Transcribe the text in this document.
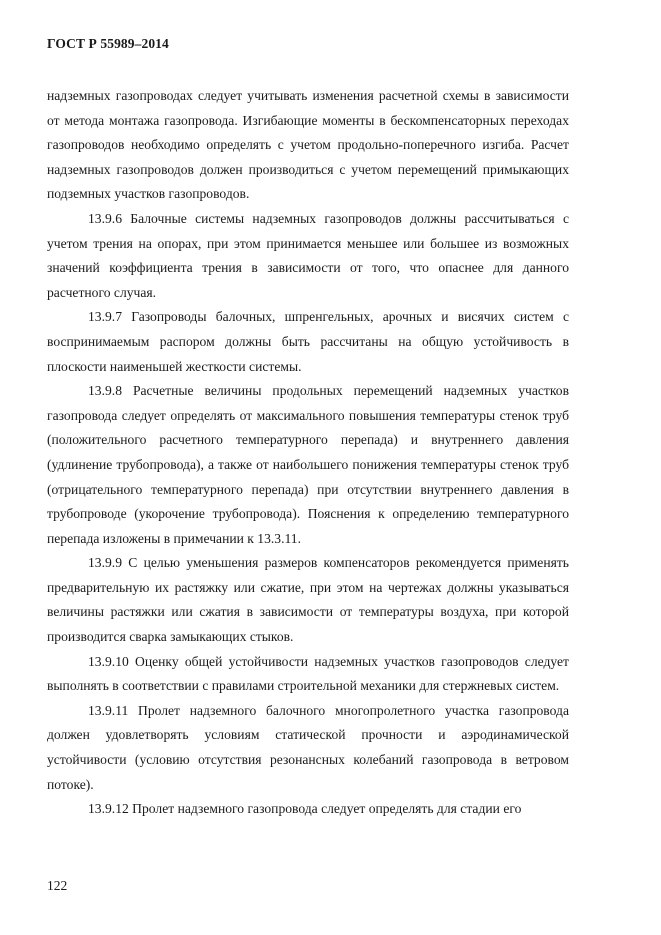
ГОСТ Р 55989–2014

надземных газопроводах следует учитывать изменения расчетной схемы в зависимости от метода монтажа газопровода. Изгибающие моменты в бескомпенсаторных переходах газопроводов необходимо определять с учетом продольно-поперечного изгиба. Расчет надземных газопроводов должен производиться с учетом перемещений примыкающих подземных участков газопроводов.

13.9.6 Балочные системы надземных газопроводов должны рассчитываться с учетом трения на опорах, при этом принимается меньшее или большее из возможных значений коэффициента трения в зависимости от того, что опаснее для данного расчетного случая.

13.9.7 Газопроводы балочных, шпренгельных, арочных и висячих систем с воспринимаемым распором должны быть рассчитаны на общую устойчивость в плоскости наименьшей жесткости системы.

13.9.8 Расчетные величины продольных перемещений надземных участков газопровода следует определять от максимального повышения температуры стенок труб (положительного расчетного температурного перепада) и внутреннего давления (удлинение трубопровода), а также от наибольшего понижения температуры стенок труб (отрицательного температурного перепада) при отсутствии внутреннего давления в трубопроводе (укорочение трубопровода). Пояснения к определению температурного перепада изложены в примечании к 13.3.11.

13.9.9 С целью уменьшения размеров компенсаторов рекомендуется применять предварительную их растяжку или сжатие, при этом на чертежах должны указываться величины растяжки или сжатия в зависимости от температуры воздуха, при которой производится сварка замыкающих стыков.

13.9.10 Оценку общей устойчивости надземных участков газопроводов следует выполнять в соответствии с правилами строительной механики для стержневых систем.

13.9.11 Пролет надземного балочного многопролетного участка газопровода должен удовлетворять условиям статической прочности и аэродинамической устойчивости (условию отсутствия резонансных колебаний газопровода в ветровом потоке).

13.9.12 Пролет надземного газопровода следует определять для стадии его

122
